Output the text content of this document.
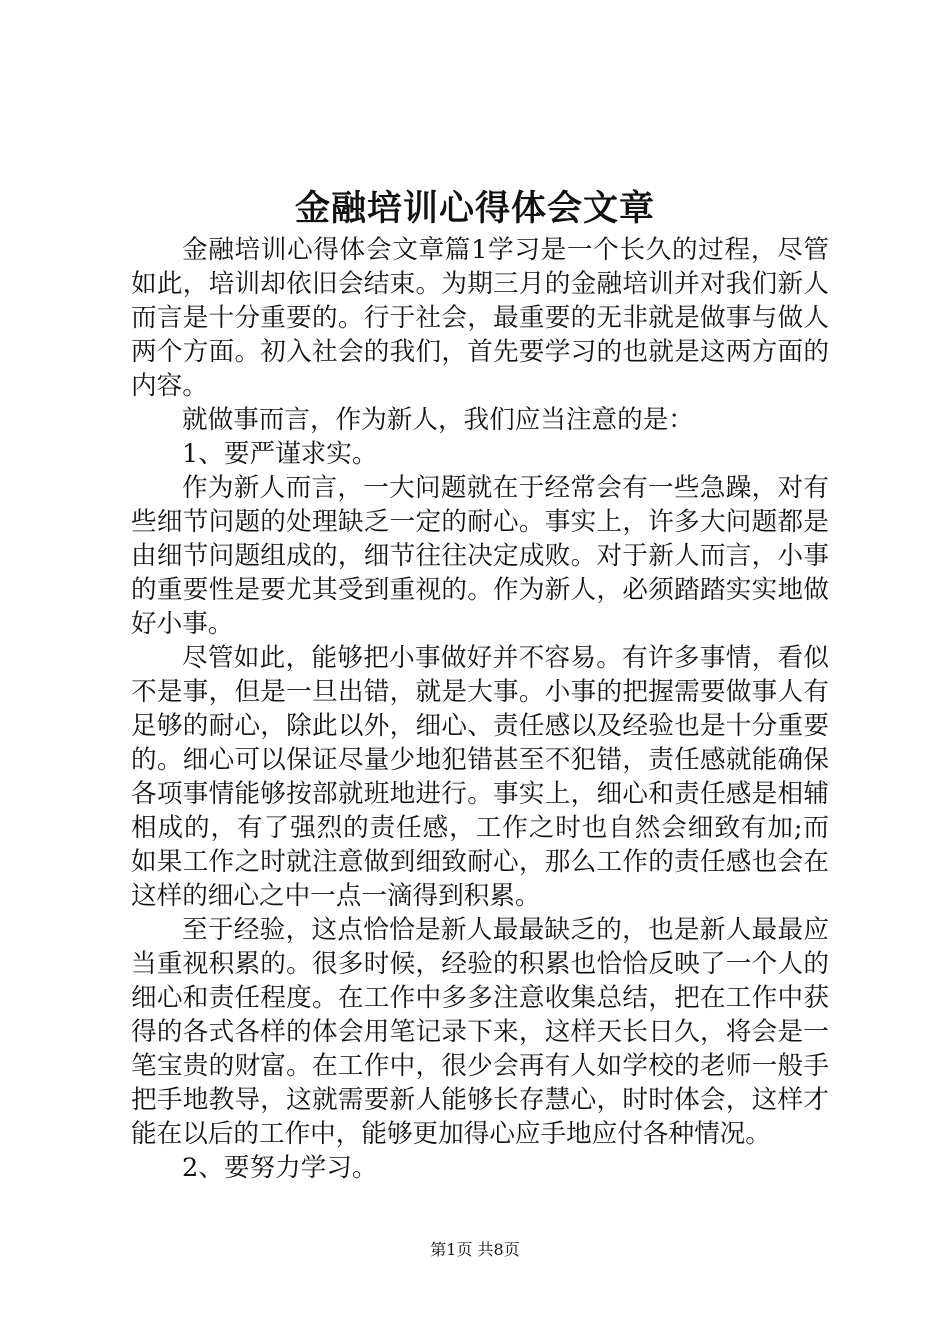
金融培训心得体会文章

金融培训心得体会文章篇1学习是一个长久的过程，尽管如此，培训却依旧会结束。为期三月的金融培训并对我们新人而言是十分重要的。行于社会，最重要的无非就是做事与做人两个方面。初入社会的我们，首先要学习的也就是这两方面的内容。

就做事而言，作为新人，我们应当注意的是：

1、要严谨求实。

作为新人而言，一大问题就在于经常会有一些急躁，对有些细节问题的处理缺乏一定的耐心。事实上，许多大问题都是由细节问题组成的，细节往往决定成败。对于新人而言，小事的重要性是要尤其受到重视的。作为新人，必须踏踏实实地做好小事。

尽管如此，能够把小事做好并不容易。有许多事情，看似不是事，但是一旦出错，就是大事。小事的把握需要做事人有足够的耐心，除此以外，细心、责任感以及经验也是十分重要的。细心可以保证尽量少地犯错甚至不犯错，责任感就能确保各项事情能够按部就班地进行。事实上，细心和责任感是相辅相成的，有了强烈的责任感，工作之时也自然会细致有加;而如果工作之时就注意做到细致耐心，那么工作的责任感也会在这样的细心之中一点一滴得到积累。

至于经验，这点恰恰是新人最最缺乏的，也是新人最最应当重视积累的。很多时候，经验的积累也恰恰反映了一个人的细心和责任程度。在工作中多多注意收集总结，把在工作中获得的各式各样的体会用笔记录下来，这样天长日久，将会是一笔宝贵的财富。在工作中，很少会再有人如学校的老师一般手把手地教导，这就需要新人能够长存慧心，时时体会，这样才能在以后的工作中，能够更加得心应手地应付各种情况。

2、要努力学习。

第1页 共8页
